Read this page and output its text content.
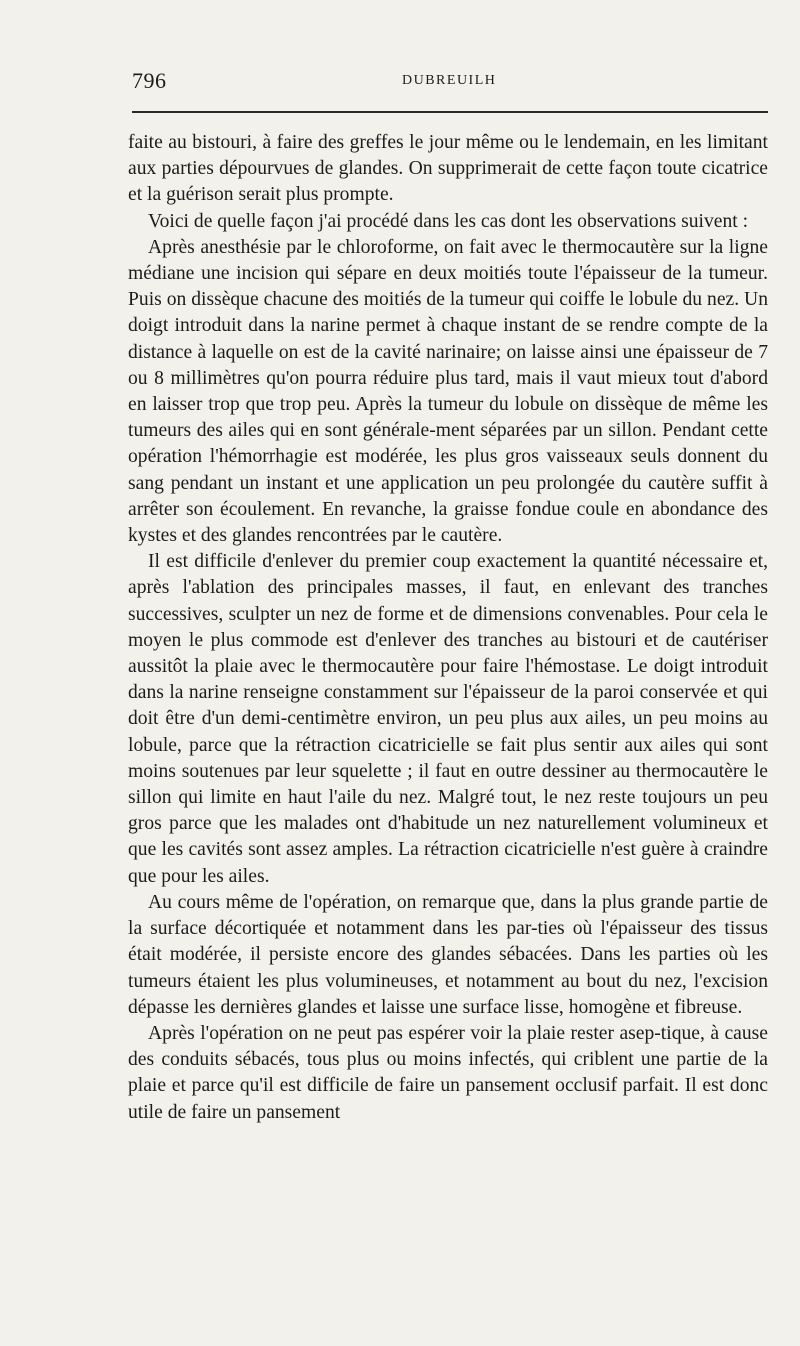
796	DUBREUILH

faite au bistouri, à faire des greffes le jour même ou le lendemain, en les limitant aux parties dépourvues de glandes. On supprimerait de cette façon toute cicatrice et la guérison serait plus prompte.

Voici de quelle façon j'ai procédé dans les cas dont les observations suivent :

Après anesthésie par le chloroforme, on fait avec le thermocautère sur la ligne médiane une incision qui sépare en deux moitiés toute l'épaisseur de la tumeur. Puis on dissèque chacune des moitiés de la tumeur qui coiffe le lobule du nez. Un doigt introduit dans la narine permet à chaque instant de se rendre compte de la distance à laquelle on est de la cavité narinaire; on laisse ainsi une épaisseur de 7 ou 8 millimètres qu'on pourra réduire plus tard, mais il vaut mieux tout d'abord en laisser trop que trop peu. Après la tumeur du lobule on dissèque de même les tumeurs des ailes qui en sont générale-ment séparées par un sillon. Pendant cette opération l'hémorrhagie est modérée, les plus gros vaisseaux seuls donnent du sang pendant un instant et une application un peu prolongée du cautère suffit à arrêter son écoulement. En revanche, la graisse fondue coule en abondance des kystes et des glandes rencontrées par le cautère.

Il est difficile d'enlever du premier coup exactement la quantité nécessaire et, après l'ablation des principales masses, il faut, en enlevant des tranches successives, sculpter un nez de forme et de dimensions convenables. Pour cela le moyen le plus commode est d'enlever des tranches au bistouri et de cautériser aussitôt la plaie avec le thermocautère pour faire l'hémostase. Le doigt introduit dans la narine renseigne constamment sur l'épaisseur de la paroi conservée et qui doit être d'un demi-centimètre environ, un peu plus aux ailes, un peu moins au lobule, parce que la rétraction cicatricielle se fait plus sentir aux ailes qui sont moins soutenues par leur squelette ; il faut en outre dessiner au thermocautère le sillon qui limite en haut l'aile du nez. Malgré tout, le nez reste toujours un peu gros parce que les malades ont d'habitude un nez naturellement volumineux et que les cavités sont assez amples. La rétraction cicatricielle n'est guère à craindre que pour les ailes.

Au cours même de l'opération, on remarque que, dans la plus grande partie de la surface décortiquée et notamment dans les par-ties où l'épaisseur des tissus était modérée, il persiste encore des glandes sébacées. Dans les parties où les tumeurs étaient les plus volumineuses, et notamment au bout du nez, l'excision dépasse les dernières glandes et laisse une surface lisse, homogène et fibreuse.

Après l'opération on ne peut pas espérer voir la plaie rester asep-tique, à cause des conduits sébacés, tous plus ou moins infectés, qui criblent une partie de la plaie et parce qu'il est difficile de faire un pansement occlusif parfait. Il est donc utile de faire un pansement
